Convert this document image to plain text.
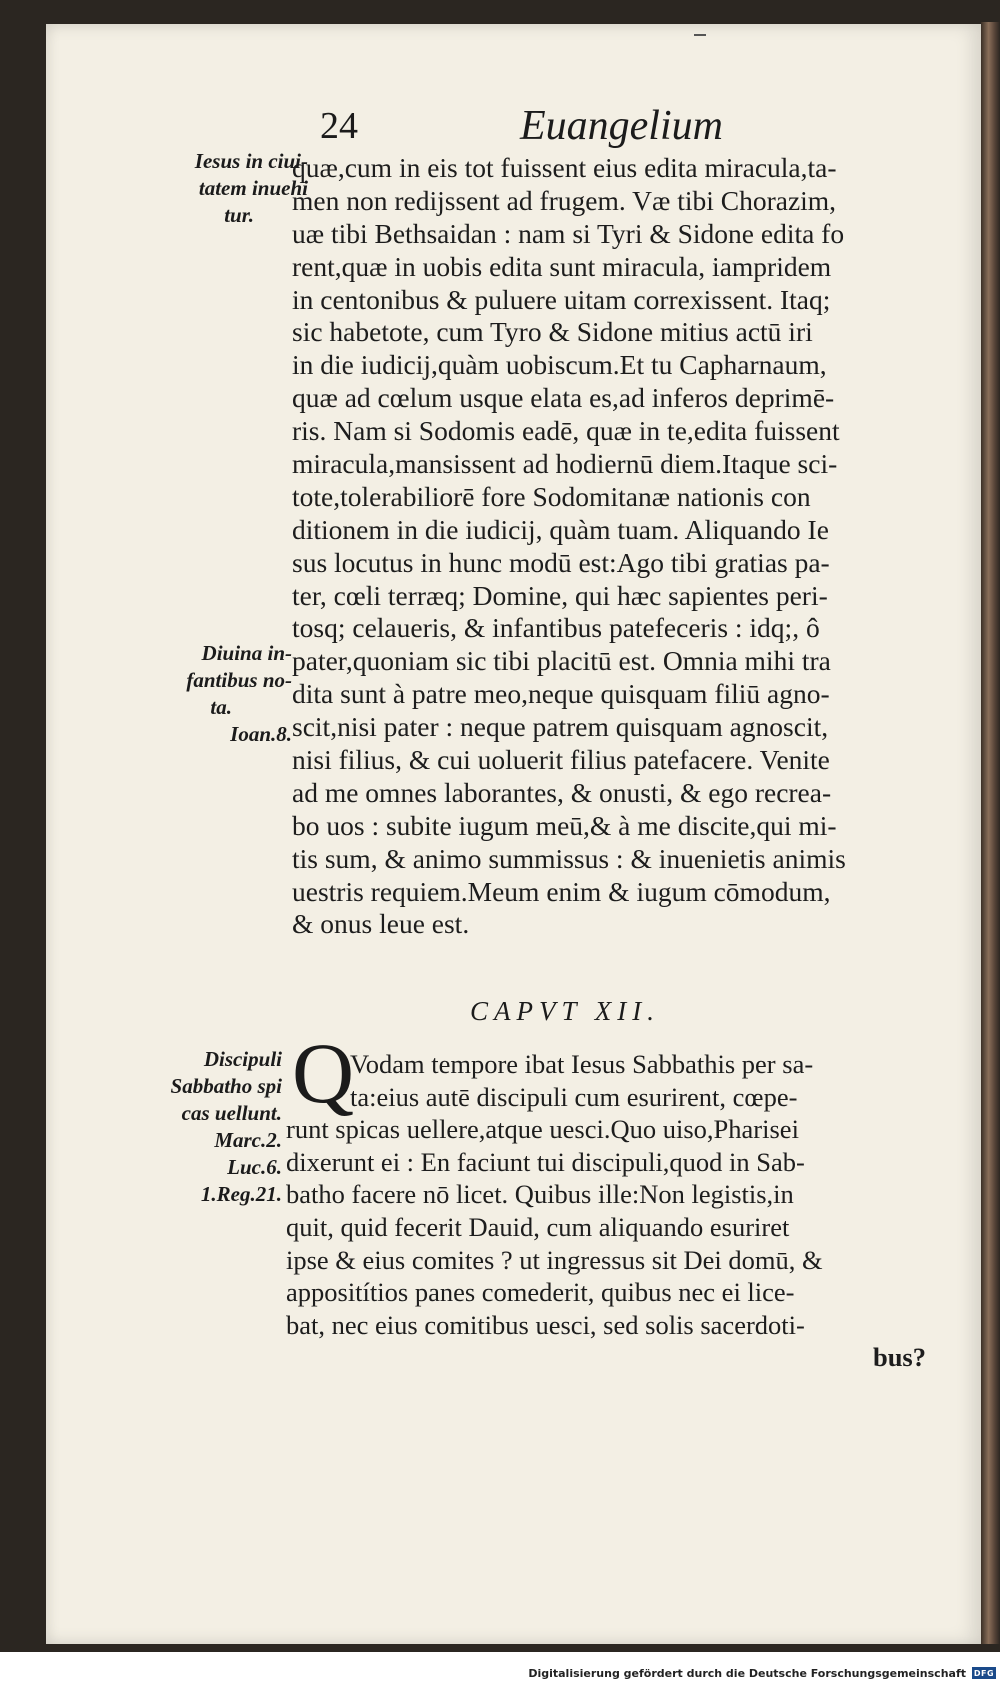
24	Euangelium
Iesus in ciui-
tatem inuehi
tur.
quæ,cum in eis tot fuissent eius edita miracula,ta-
men non redijssent ad frugem. Væ tibi Chorazim,
uæ tibi Bethsaidan : nam si Tyri & Sidone edita fo
rent,quæ in uobis edita sunt miracula, iampridem
in centonibus & puluere uitam correxissent. Itaq;
sic habetote, cum Tyro & Sidone mitius actū iri
in die iudicij,quàm uobiscum.Et tu Capharnaum,
quæ ad cœlum usque elata es,ad inferos deprimē-
ris. Nam si Sodomis eadē, quæ in te,edita fuissent
miracula,mansissent ad hodiernū diem.Itaque sci-
tote,tolerabiliorē fore Sodomitanæ nationis con
ditionem in die iudicij, quàm tuam. Aliquando Ie
sus locutus in hunc modū est:Ago tibi gratias pa-
ter, cœli terræq; Domine, qui hæc sapientes peri-
tosq; celaueris, & infantibus patefeceris : idq;, ô
pater,quoniam sic tibi placitū est. Omnia mihi tra
dita sunt à patre meo,neque quisquam filiū agno-
scit,nisi pater : neque patrem quisquam agnoscit,
nisi filius, & cui uoluerit filius patefacere. Venite
ad me omnes laborantes, & onusti, & ego recrea-
bo uos : subite iugum meū,& à me discite,qui mi-
tis sum, & animo summissus : & inuenietis animis
uestris requiem.Meum enim & iugum cōmodum,
& onus leue est.
Diuina in-
fantibus no-
ta.
Ioan.8.
CAPVT XII.
Q
Vodam tempore ibat Iesus Sabbathis per sa-
ta:eius autē discipuli cum esurirent, cœpe-
runt spicas uellere,atque uesci.Quo uiso,Pharisei
dixerunt ei : En faciunt tui discipuli,quod in Sab-
batho facere nō licet. Quibus ille:Non legistis,in
quit, quid fecerit Dauid, cum aliquando esuriret
ipse & eius comites ? ut ingressus sit Dei domū, &
appositítios panes comederit, quibus nec ei lice-
bat, nec eius comitibus uesci, sed solis sacerdoti-
bus?
Discipuli
Sabbatho spi
cas uellunt.
Marc.2.
Luc.6.
1.Reg.21.
Digitalisierung gefördert durch die Deutsche Forschungsgemeinschaft DFG
